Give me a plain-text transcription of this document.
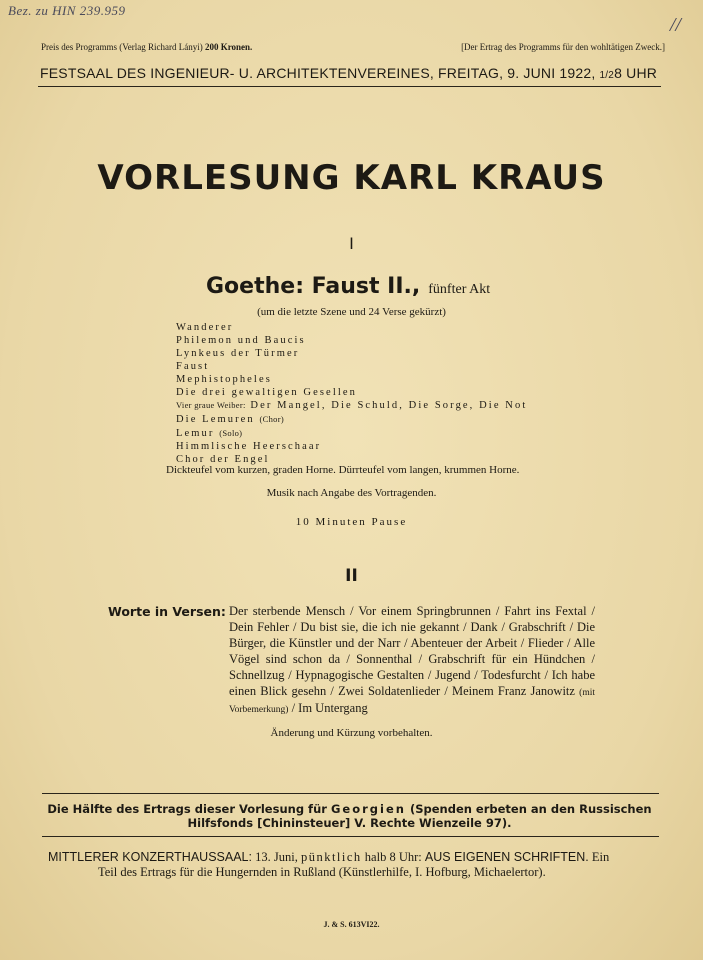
Bez. zu HIN 239.959
//
Preis des Programms (Verlag Richard Lányi) 200 Kronen.	[Der Ertrag des Programms für den wohltätigen Zweck.]
FESTSAAL DES INGENIEUR- U. ARCHITEKTENVEREINES, FREITAG, 9. JUNI 1922, 1/28 UHR
VORLESUNG KARL KRAUS
I
Goethe: Faust II., fünfter Akt
(um die letzte Szene und 24 Verse gekürzt)
Wanderer
Philemon und Baucis
Lynkeus der Türmer
Faust
Mephistopheles
Die drei gewaltigen Gesellen
Vier graue Weiber: Der Mangel, Die Schuld, Die Sorge, Die Not
Die Lemuren (Chor)
Lemur (Solo)
Himmlische Heerschaar
Chor der Engel
Dickteufel vom kurzen, graden Horne. Dürrteufel vom langen, krummen Horne.
Musik nach Angabe des Vortragenden.
10 Minuten Pause
II
Worte in Versen: Der sterbende Mensch / Vor einem Springbrunnen / Fahrt ins Fextal / Dein Fehler / Du bist sie, die ich nie gekannt / Dank / Grabschrift / Die Bürger, die Künstler und der Narr / Abenteuer der Arbeit / Flieder / Alle Vögel sind schon da / Sonnenthal / Grabschrift für ein Hündchen / Schnellzug / Hypnagogische Gestalten / Jugend / Todesfurcht / Ich habe einen Blick gesehn / Zwei Soldatenlieder / Meinem Franz Janowitz (mit Vorbemerkung) / Im Untergang
Änderung und Kürzung vorbehalten.
Die Hälfte des Ertrags dieser Vorlesung für Georgien (Spenden erbeten an den Russischen Hilfsfonds [Chininsteuer] V. Rechte Wienzeile 97).
MITTLERER KONZERTHAUSSAAL: 13. Juni, pünktlich halb 8 Uhr: AUS EIGENEN SCHRIFTEN. Ein
Teil des Ertrags für die Hungernden in Rußland (Künstlerhilfe, I. Hofburg, Michaelertor).
J. & S. 613VI22.
